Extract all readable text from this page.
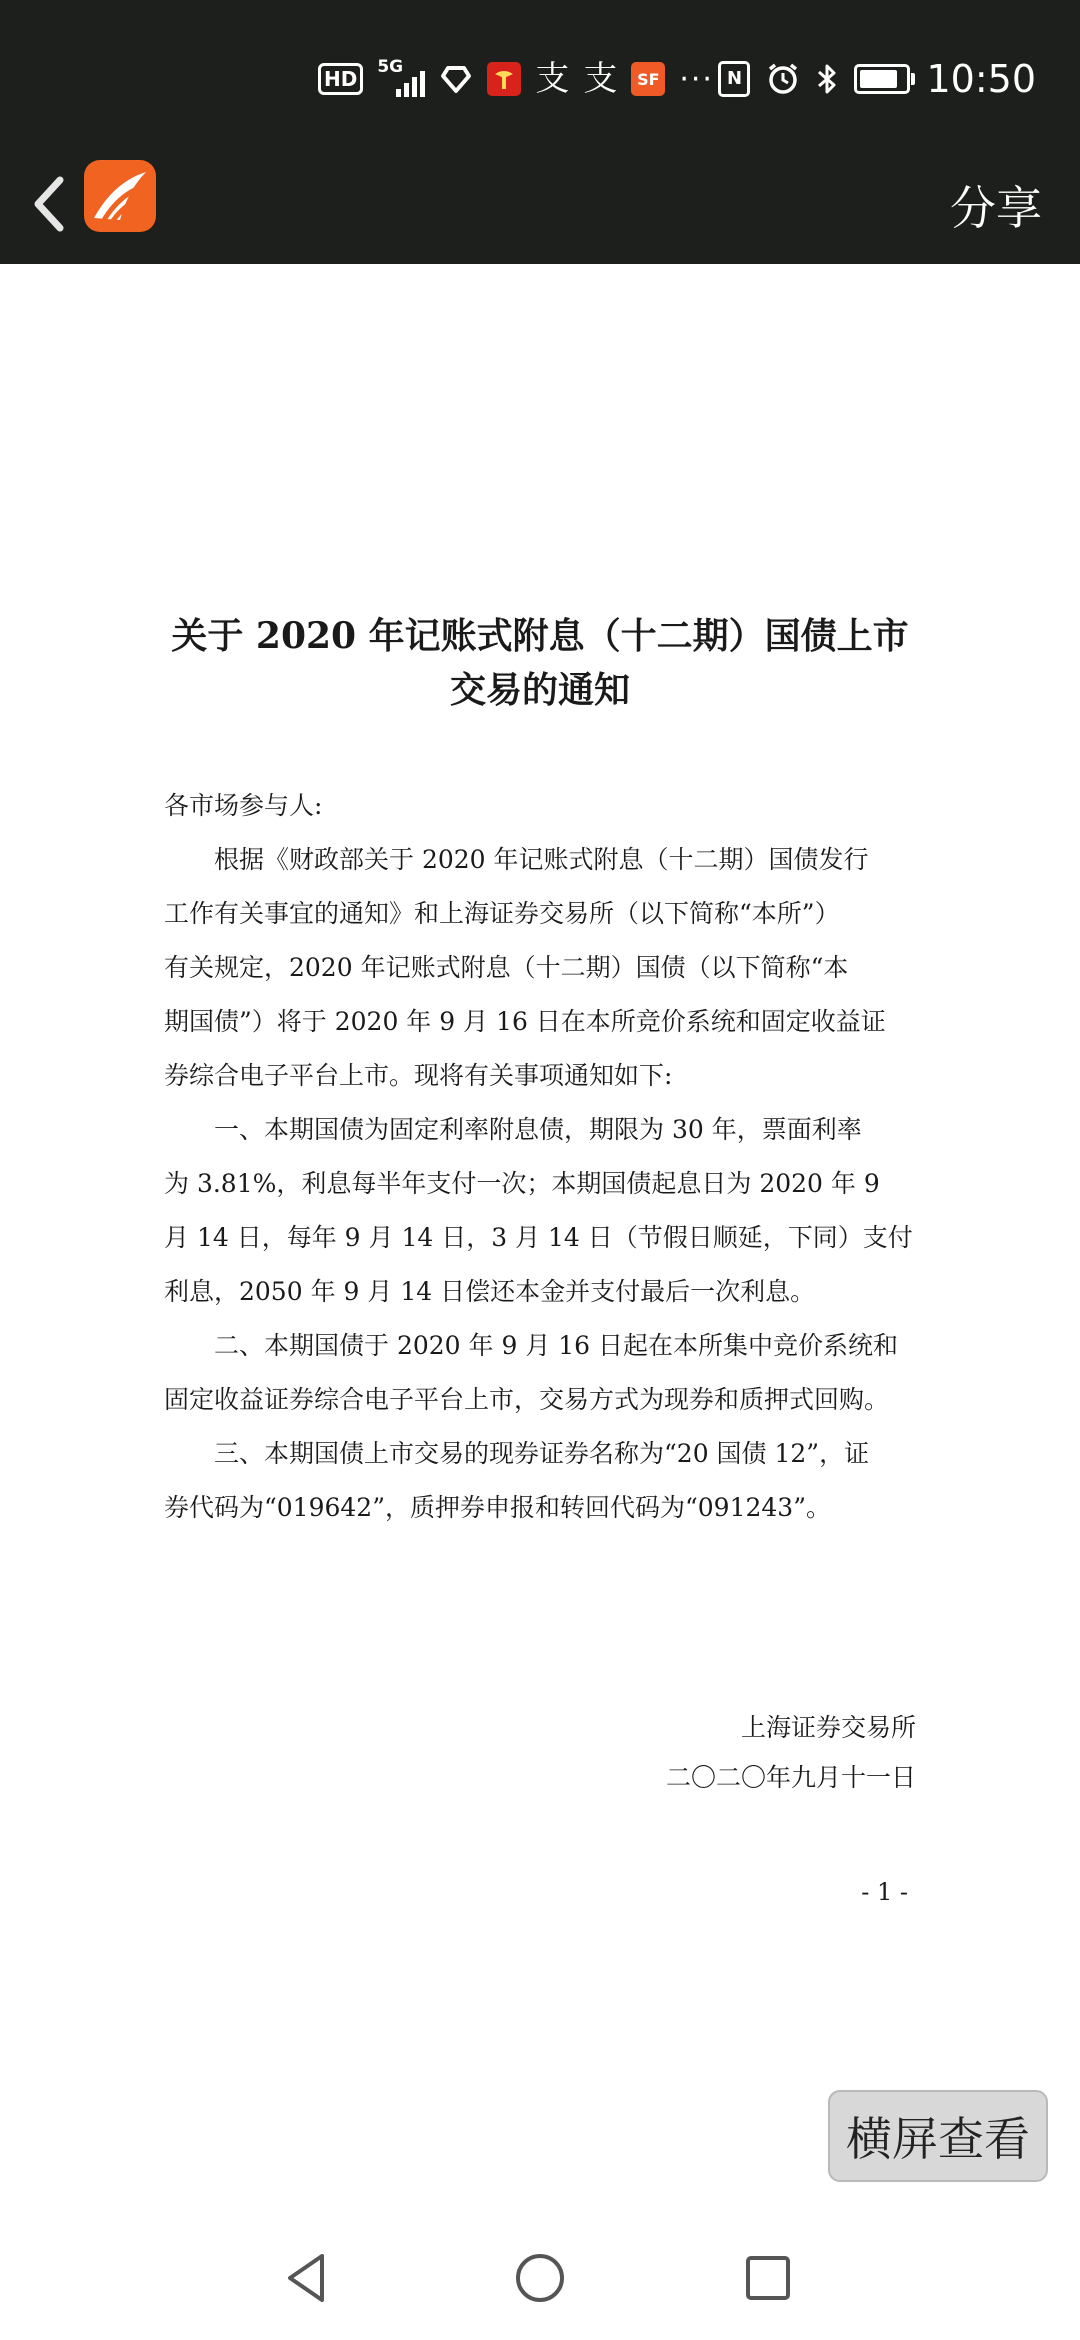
HD	5G	支 支	SF ··· N	10:50
分享
关于 2020 年记账式附息（十二期）国债上市
交易的通知
各市场参与人:
　　根据《财政部关于 2020 年记账式附息（十二期）国债发行
工作有关事宜的通知》和上海证券交易所（以下简称“本所”）
有关规定，2020 年记账式附息（十二期）国债（以下简称“本
期国债”）将于 2020 年 9 月 16 日在本所竞价系统和固定收益证
券综合电子平台上市。现将有关事项通知如下:
　　一、本期国债为固定利率附息债，期限为 30 年，票面利率
为 3.81%，利息每半年支付一次；本期国债起息日为 2020 年 9
月 14 日，每年 9 月 14 日，3 月 14 日（节假日顺延，下同）支付
利息，2050 年 9 月 14 日偿还本金并支付最后一次利息。
　　二、本期国债于 2020 年 9 月 16 日起在本所集中竞价系统和
固定收益证券综合电子平台上市，交易方式为现券和质押式回购。
　　三、本期国债上市交易的现券证券名称为“20 国债 12”，证
券代码为“019642”，质押券申报和转回代码为“091243”。
上海证券交易所
二〇二〇年九月十一日
- 1 -
横屏查看
